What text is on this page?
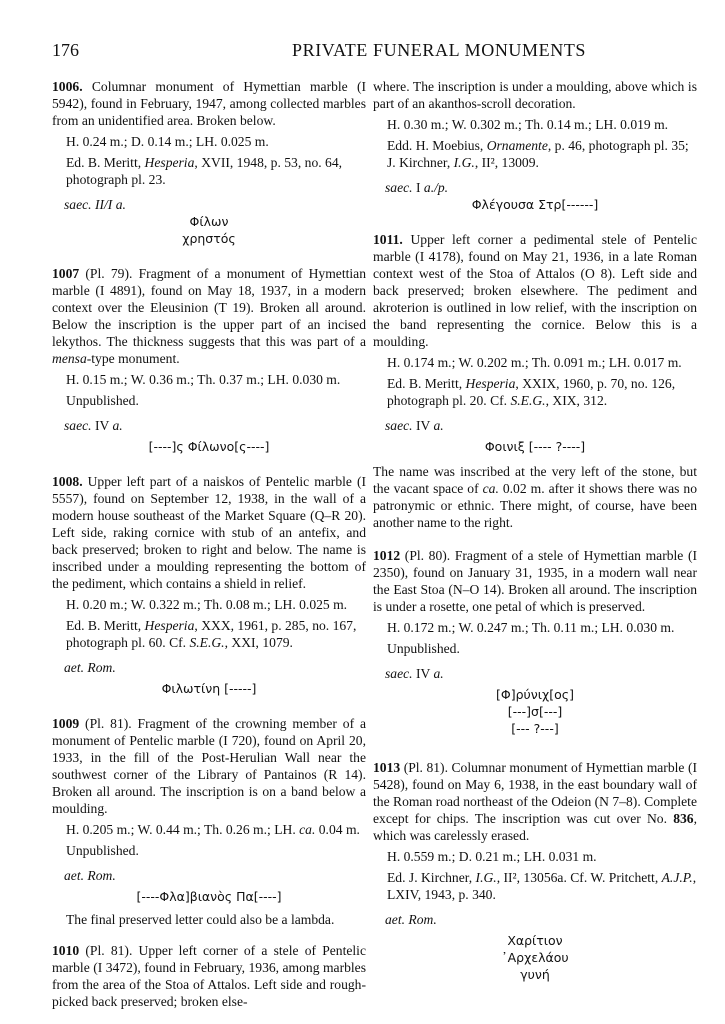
176	PRIVATE FUNERAL MONUMENTS

1006. Columnar monument of Hymettian marble (I 5942), found in February, 1947, among collected marbles from an unidentified area. Broken below.

H. 0.24 m.; D. 0.14 m.; LH. 0.025 m.

Ed. B. Meritt, Hesperia, XVII, 1948, p. 53, no. 64, photograph pl. 23.

saec. II/I a.

Φίλων

χρηστός

1007 (Pl. 79). Fragment of a monument of Hymettian marble (I 4891), found on May 18, 1937, in a modern context over the Eleusinion (T 19). Broken all around. Below the inscription is the upper part of an incised lekythos. The thickness suggests that this was part of a mensa-type monument.

H. 0.15 m.; W. 0.36 m.; Th. 0.37 m.; LH. 0.030 m.

Unpublished.

saec. IV a.

[----]ς Φίλωνο[ς----]

1008. Upper left part of a naiskos of Pentelic marble (I 5557), found on September 12, 1938, in the wall of a modern house southeast of the Market Square (Q–R 20). Left side, raking cornice with stub of an antefix, and back preserved; broken to right and below. The name is inscribed under a moulding representing the bottom of the pediment, which contains a shield in relief.

H. 0.20 m.; W. 0.322 m.; Th. 0.08 m.; LH. 0.025 m.

Ed. B. Meritt, Hesperia, XXX, 1961, p. 285, no. 167, photograph pl. 60. Cf. S.E.G., XXI, 1079.

aet. Rom.

Φιλωτίνη [-----]

1009 (Pl. 81). Fragment of the crowning member of a monument of Pentelic marble (I 720), found on April 20, 1933, in the fill of the Post-Herulian Wall near the southwest corner of the Library of Pantainos (R 14). Broken all around. The inscription is on a band below a moulding.

H. 0.205 m.; W. 0.44 m.; Th. 0.26 m.; LH. ca. 0.04 m.

Unpublished.

aet. Rom.

[----Φλα]βιανὸς Πα[----]

The final preserved letter could also be a lambda.

1010 (Pl. 81). Upper left corner of a stele of Pentelic marble (I 3472), found in February, 1936, among marbles from the area of the Stoa of Attalos. Left side and rough-picked back preserved; broken else-

where. The inscription is under a moulding, above which is part of an akanthos-scroll decoration.

H. 0.30 m.; W. 0.302 m.; Th. 0.14 m.; LH. 0.019 m.

Edd. H. Moebius, Ornamente, p. 46, photograph pl. 35; J. Kirchner, I.G., II², 13009.

saec. I a./p.

Φλέγουσα Στρ[------]

1011. Upper left corner a pedimental stele of Pentelic marble (I 4178), found on May 21, 1936, in a late Roman context west of the Stoa of Attalos (O 8). Left side and back preserved; broken elsewhere. The pediment and akroterion is outlined in low relief, with the inscription on the band representing the cornice. Below this is a moulding.

H. 0.174 m.; W. 0.202 m.; Th. 0.091 m.; LH. 0.017 m.

Ed. B. Meritt, Hesperia, XXIX, 1960, p. 70, no. 126, photograph pl. 20. Cf. S.E.G., XIX, 312.

saec. IV a.

Φοινιξ [---- ?----]

The name was inscribed at the very left of the stone, but the vacant space of ca. 0.02 m. after it shows there was no patronymic or ethnic. There might, of course, have been another name to the right.

1012 (Pl. 80). Fragment of a stele of Hymettian marble (I 2350), found on January 31, 1935, in a modern wall near the East Stoa (N–O 14). Broken all around. The inscription is under a rosette, one petal of which is preserved.

H. 0.172 m.; W. 0.247 m.; Th. 0.11 m.; LH. 0.030 m.

Unpublished.

saec. IV a.

[Φ]ρύνιχ[ος]

[---]σ[---]

[--- ?---]

1013 (Pl. 81). Columnar monument of Hymettian marble (I 5428), found on May 6, 1938, in the east boundary wall of the Roman road northeast of the Odeion (N 7–8). Complete except for chips. The inscription was cut over No. 836, which was carelessly erased.

H. 0.559 m.; D. 0.21 m.; LH. 0.031 m.

Ed. J. Kirchner, I.G., II², 13056a. Cf. W. Pritchett, A.J.P., LXIV, 1943, p. 340.

aet. Rom.

Χαρίτιον

᾿Αρχελάου

γυνή
